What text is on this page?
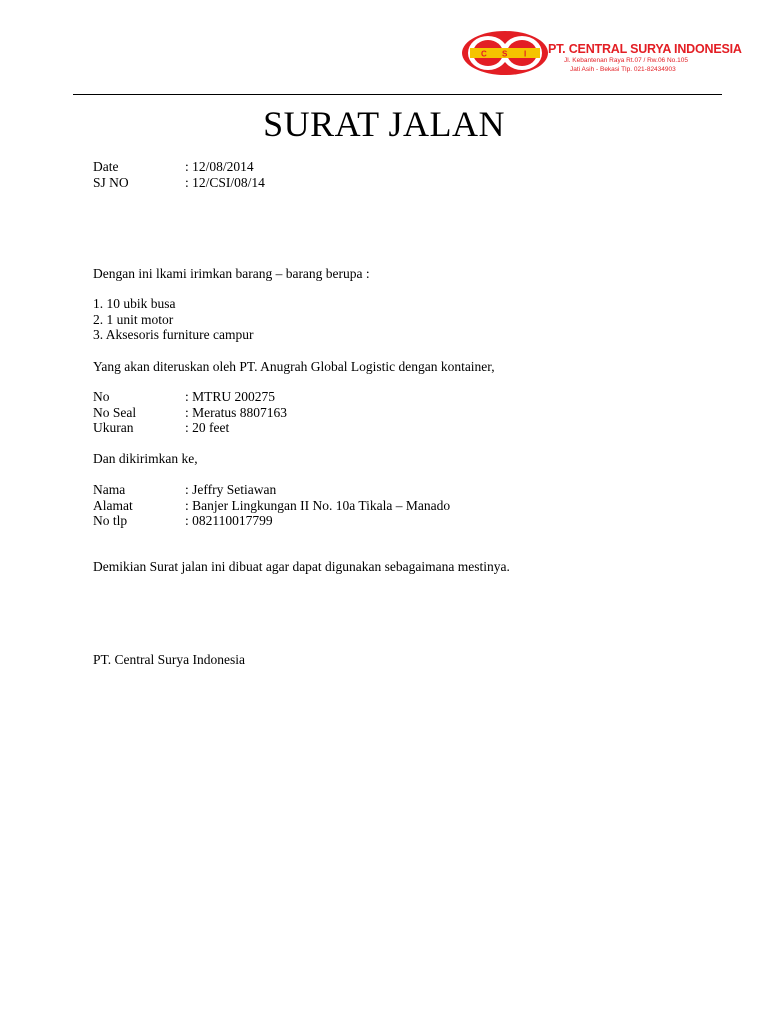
C S I PT. CENTRAL SURYA INDONESIA
Jl. Kebantenan Raya Rt.07 / Rw.06 No.105
Jati Asih - Bekasi Tlp. 021-82434903
SURAT JALAN
Date	: 12/08/2014
SJ NO	: 12/CSI/08/14
Dengan ini lkami irimkan barang – barang berupa :
1. 10 ubik busa
2. 1 unit motor
3. Aksesoris furniture campur
Yang akan diteruskan oleh PT. Anugrah Global Logistic dengan kontainer,
No	: MTRU 200275
No Seal	: Meratus 8807163
Ukuran	: 20 feet
Dan dikirimkan ke,
Nama	: Jeffry Setiawan
Alamat	: Banjer Lingkungan II No. 10a Tikala – Manado
No tlp	: 082110017799
Demikian Surat jalan ini dibuat agar dapat digunakan sebagaimana mestinya.
PT. Central Surya Indonesia
